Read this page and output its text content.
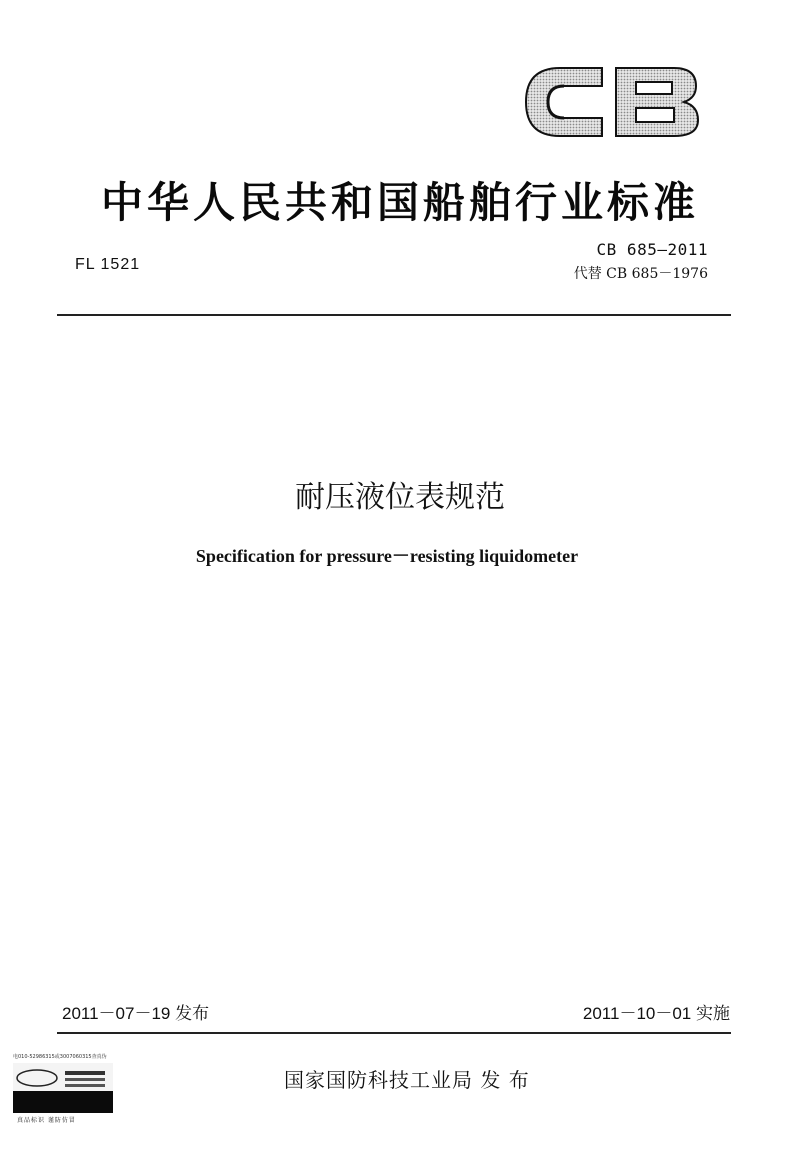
中华人民共和国船舶行业标准
FL 1521
CB 685—2011
代替 CB 685－1976
耐压液位表规范
Specification for pressure－resisting liquidometer
2011－07－19 发布	2011－10－01 实施
电010-52986315或3007060315查真伪
真品标识 谨防仿冒
国家国防科技工业局 发 布
